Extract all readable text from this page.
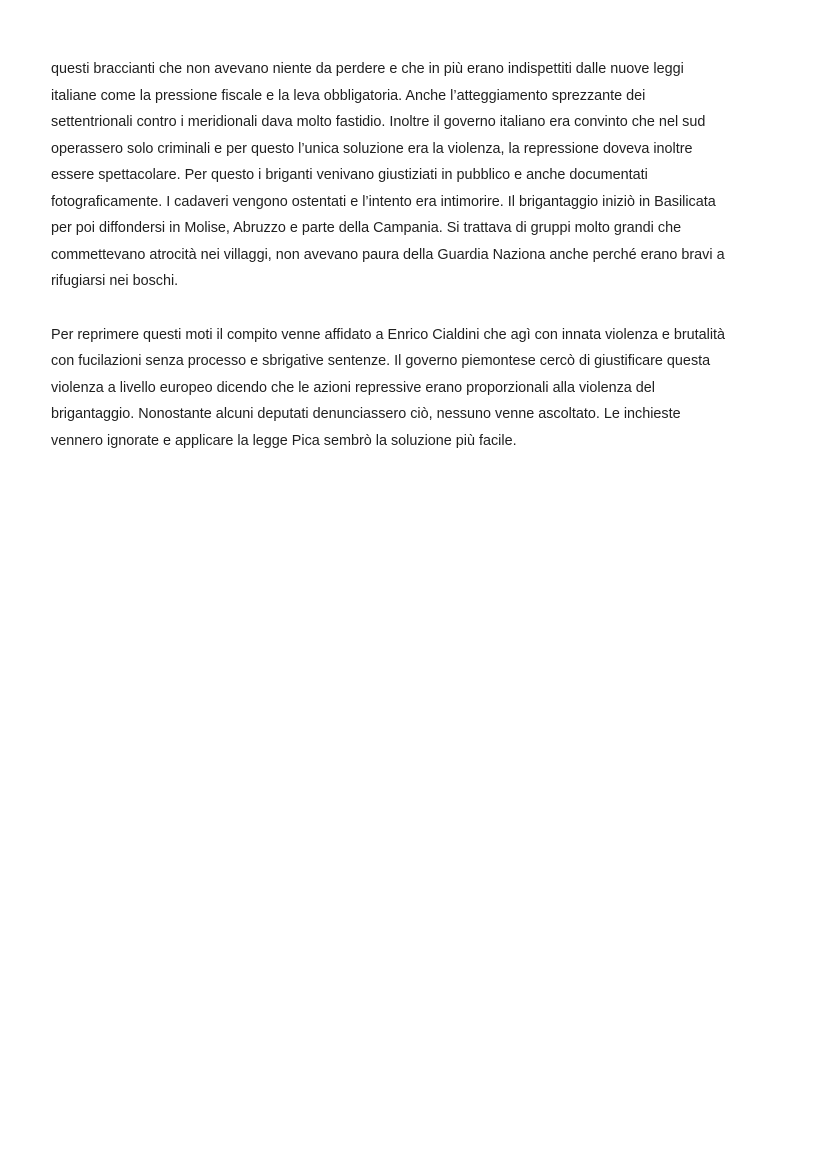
questi braccianti che non avevano niente da perdere e che in più erano indispettiti dalle nuove leggi
italiane come la pressione fiscale e la leva obbligatoria. Anche l’atteggiamento sprezzante dei
settentrionali contro i meridionali dava molto fastidio. Inoltre il governo italiano era convinto che nel sud
operassero solo criminali e per questo l’unica soluzione era la violenza, la repressione doveva inoltre
essere spettacolare. Per questo i briganti venivano giustiziati in pubblico e anche documentati
fotograficamente. I cadaveri vengono ostentati e l’intento era intimorire. Il brigantaggio iniziò in Basilicata
per poi diffondersi in Molise, Abruzzo e parte della Campania. Si trattava di gruppi molto grandi che
commettevano atrocità nei villaggi, non avevano paura della Guardia Naziona anche perché erano bravi a
rifugiarsi nei boschi.

Per reprimere questi moti il compito venne affidato a Enrico Cialdini che agì con innata violenza e brutalità
con fucilazioni senza processo e sbrigative sentenze. Il governo piemontese cercò di giustificare questa
violenza a livello europeo dicendo che le azioni repressive erano proporzionali alla violenza del
brigantaggio. Nonostante alcuni deputati denunciassero ciò, nessuno venne ascoltato. Le inchieste
vennero ignorate e applicare la legge Pica sembrò la soluzione più facile.
